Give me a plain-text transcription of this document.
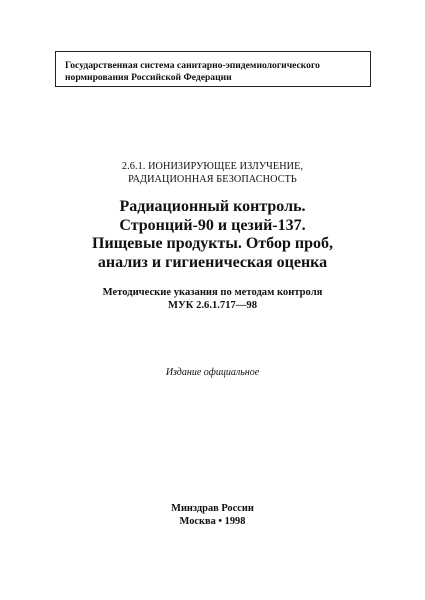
Государственная система санитарно-эпидемиологического
нормирования Российской Федерации
2.6.1. ИОНИЗИРУЮЩЕЕ ИЗЛУЧЕНИЕ,
РАДИАЦИОННАЯ БЕЗОПАСНОСТЬ
Радиационный контроль.
Стронций-90 и цезий-137.
Пищевые продукты. Отбор проб,
анализ и гигиеническая оценка
Методические указания по методам контроля
МУК 2.6.1.717—98
Издание официальное
Минздрав России
Москва • 1998
